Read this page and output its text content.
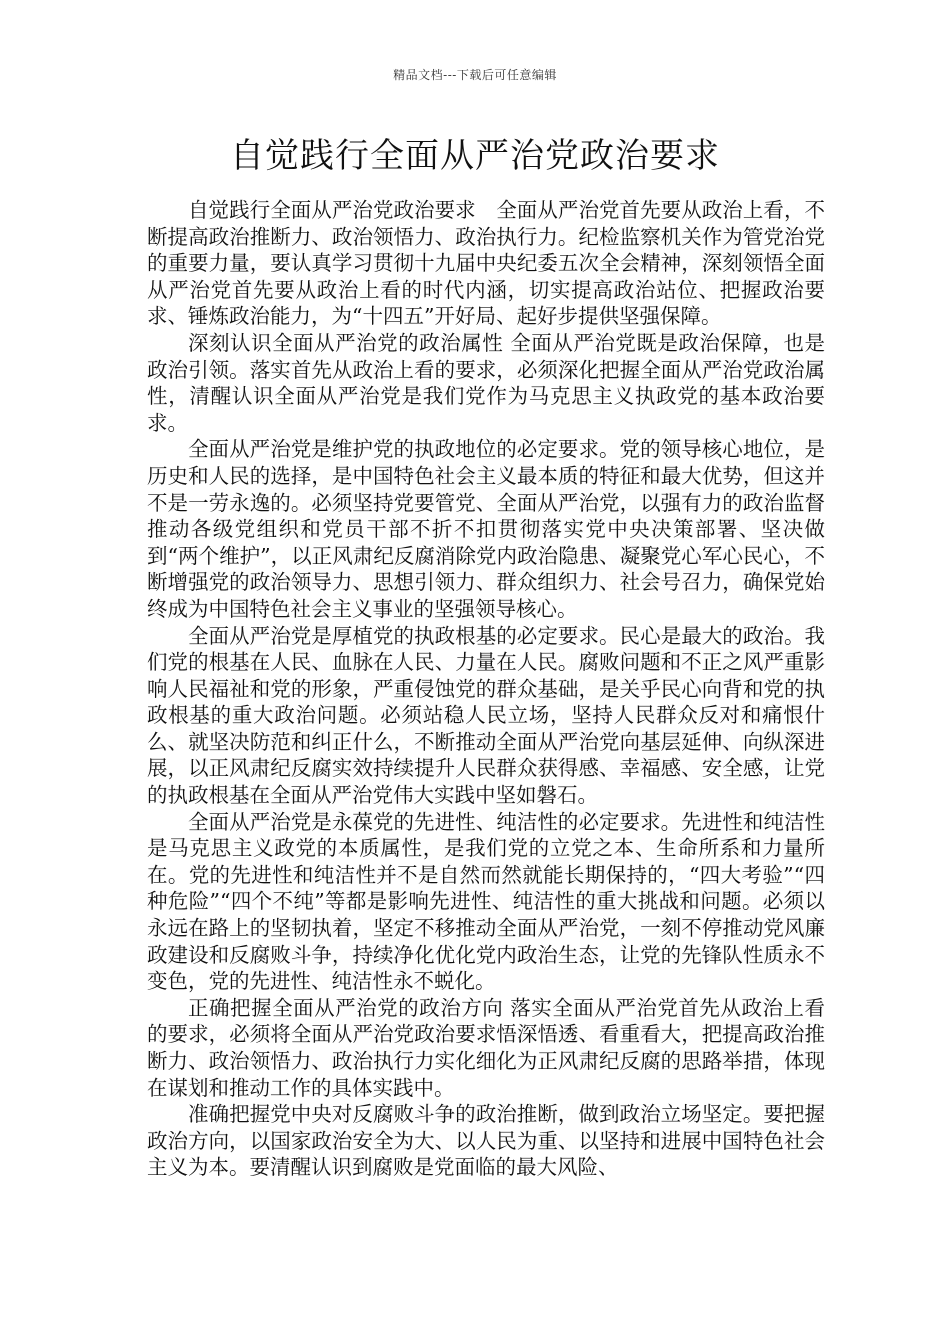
精品文档---下载后可任意编辑
自觉践行全面从严治党政治要求

自觉践行全面从严治党政治要求　全面从严治党首先要从政治上看，不断提高政治推断力、政治领悟力、政治执行力。纪检监察机关作为管党治党的重要力量，要认真学习贯彻十九届中央纪委五次全会精神，深刻领悟全面从严治党首先要从政治上看的时代内涵，切实提高政治站位、把握政治要求、锤炼政治能力，为“十四五”开好局、起好步提供坚强保障。

深刻认识全面从严治党的政治属性 全面从严治党既是政治保障，也是政治引领。落实首先从政治上看的要求，必须深化把握全面从严治党政治属性，清醒认识全面从严治党是我们党作为马克思主义执政党的基本政治要求。

全面从严治党是维护党的执政地位的必定要求。党的领导核心地位，是历史和人民的选择，是中国特色社会主义最本质的特征和最大优势，但这并不是一劳永逸的。必须坚持党要管党、全面从严治党，以强有力的政治监督推动各级党组织和党员干部不折不扣贯彻落实党中央决策部署、坚决做到“两个维护”，以正风肃纪反腐消除党内政治隐患、凝聚党心军心民心，不断增强党的政治领导力、思想引领力、群众组织力、社会号召力，确保党始终成为中国特色社会主义事业的坚强领导核心。

全面从严治党是厚植党的执政根基的必定要求。民心是最大的政治。我们党的根基在人民、血脉在人民、力量在人民。腐败问题和不正之风严重影响人民福祉和党的形象，严重侵蚀党的群众基础，是关乎民心向背和党的执政根基的重大政治问题。必须站稳人民立场，坚持人民群众反对和痛恨什么、就坚决防范和纠正什么，不断推动全面从严治党向基层延伸、向纵深进展，以正风肃纪反腐实效持续提升人民群众获得感、幸福感、安全感，让党的执政根基在全面从严治党伟大实践中坚如磐石。

全面从严治党是永葆党的先进性、纯洁性的必定要求。先进性和纯洁性是马克思主义政党的本质属性，是我们党的立党之本、生命所系和力量所在。党的先进性和纯洁性并不是自然而然就能长期保持的，“四大考验”“四种危险”“四个不纯”等都是影响先进性、纯洁性的重大挑战和问题。必须以永远在路上的坚韧执着，坚定不移推动全面从严治党，一刻不停推动党风廉政建设和反腐败斗争，持续净化优化党内政治生态，让党的先锋队性质永不变色，党的先进性、纯洁性永不蜕化。

正确把握全面从严治党的政治方向 落实全面从严治党首先从政治上看的要求，必须将全面从严治党政治要求悟深悟透、看重看大，把提高政治推断力、政治领悟力、政治执行力实化细化为正风肃纪反腐的思路举措，体现在谋划和推动工作的具体实践中。

准确把握党中央对反腐败斗争的政治推断，做到政治立场坚定。要把握政治方向，以国家政治安全为大、以人民为重、以坚持和进展中国特色社会主义为本。要清醒认识到腐败是党面临的最大风险、
